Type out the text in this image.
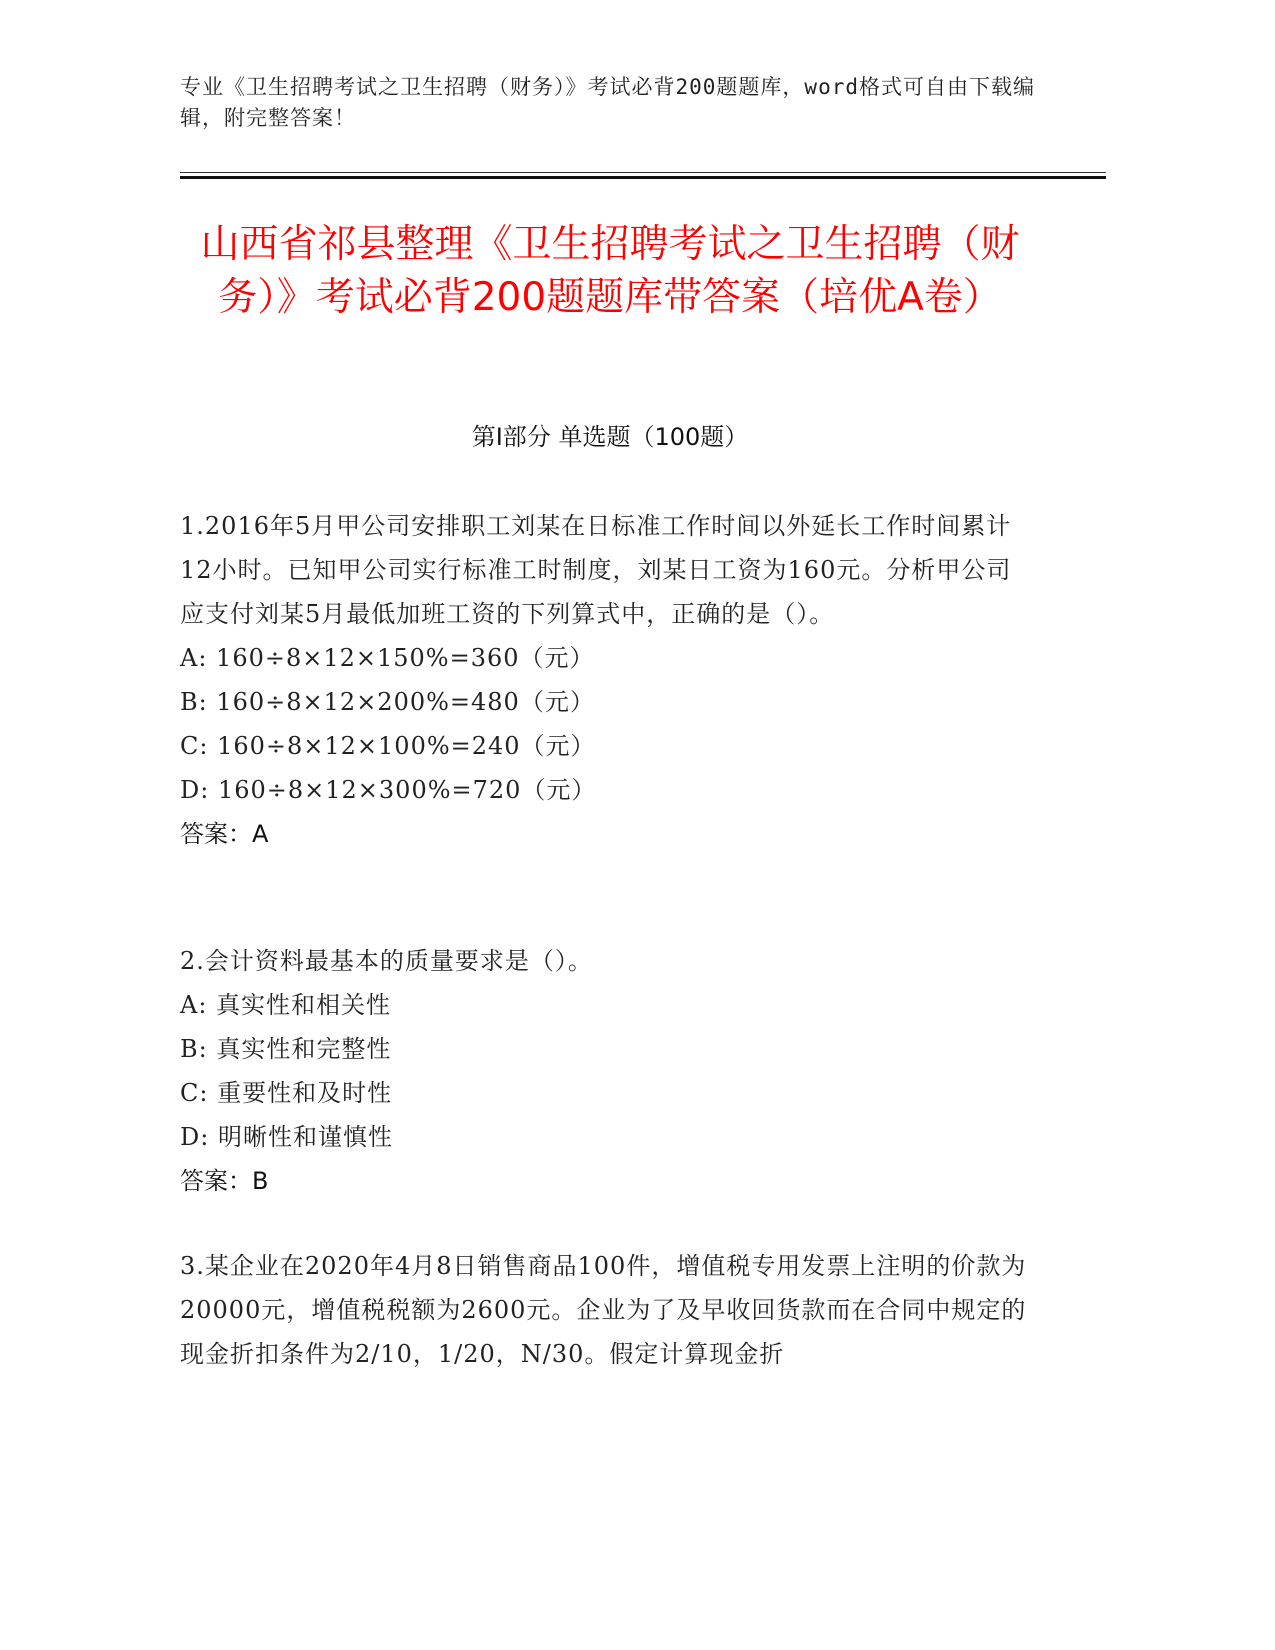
专业《卫生招聘考试之卫生招聘（财务）》考试必背200题题库，word格式可自由下载编辑，附完整答案！
山西省祁县整理《卫生招聘考试之卫生招聘（财务）》考试必背200题题库带答案（培优A卷）
第I部分 单选题（100题）
1.2016年5月甲公司安排职工刘某在日标准工作时间以外延长工作时间累计12小时。已知甲公司实行标准工时制度，刘某日工资为160元。分析甲公司应支付刘某5月最低加班工资的下列算式中，正确的是（）。
A: 160÷8×12×150%=360（元）
B: 160÷8×12×200%=480（元）
C: 160÷8×12×100%=240（元）
D: 160÷8×12×300%=720（元）
答案：A
2.会计资料最基本的质量要求是（）。
A: 真实性和相关性
B: 真实性和完整性
C: 重要性和及时性
D: 明晰性和谨慎性
答案：B
3.某企业在2020年4月8日销售商品100件，增值税专用发票上注明的价款为20000元，增值税税额为2600元。企业为了及早收回货款而在合同中规定的现金折扣条件为2/10，1/20，N/30。假定计算现金折
